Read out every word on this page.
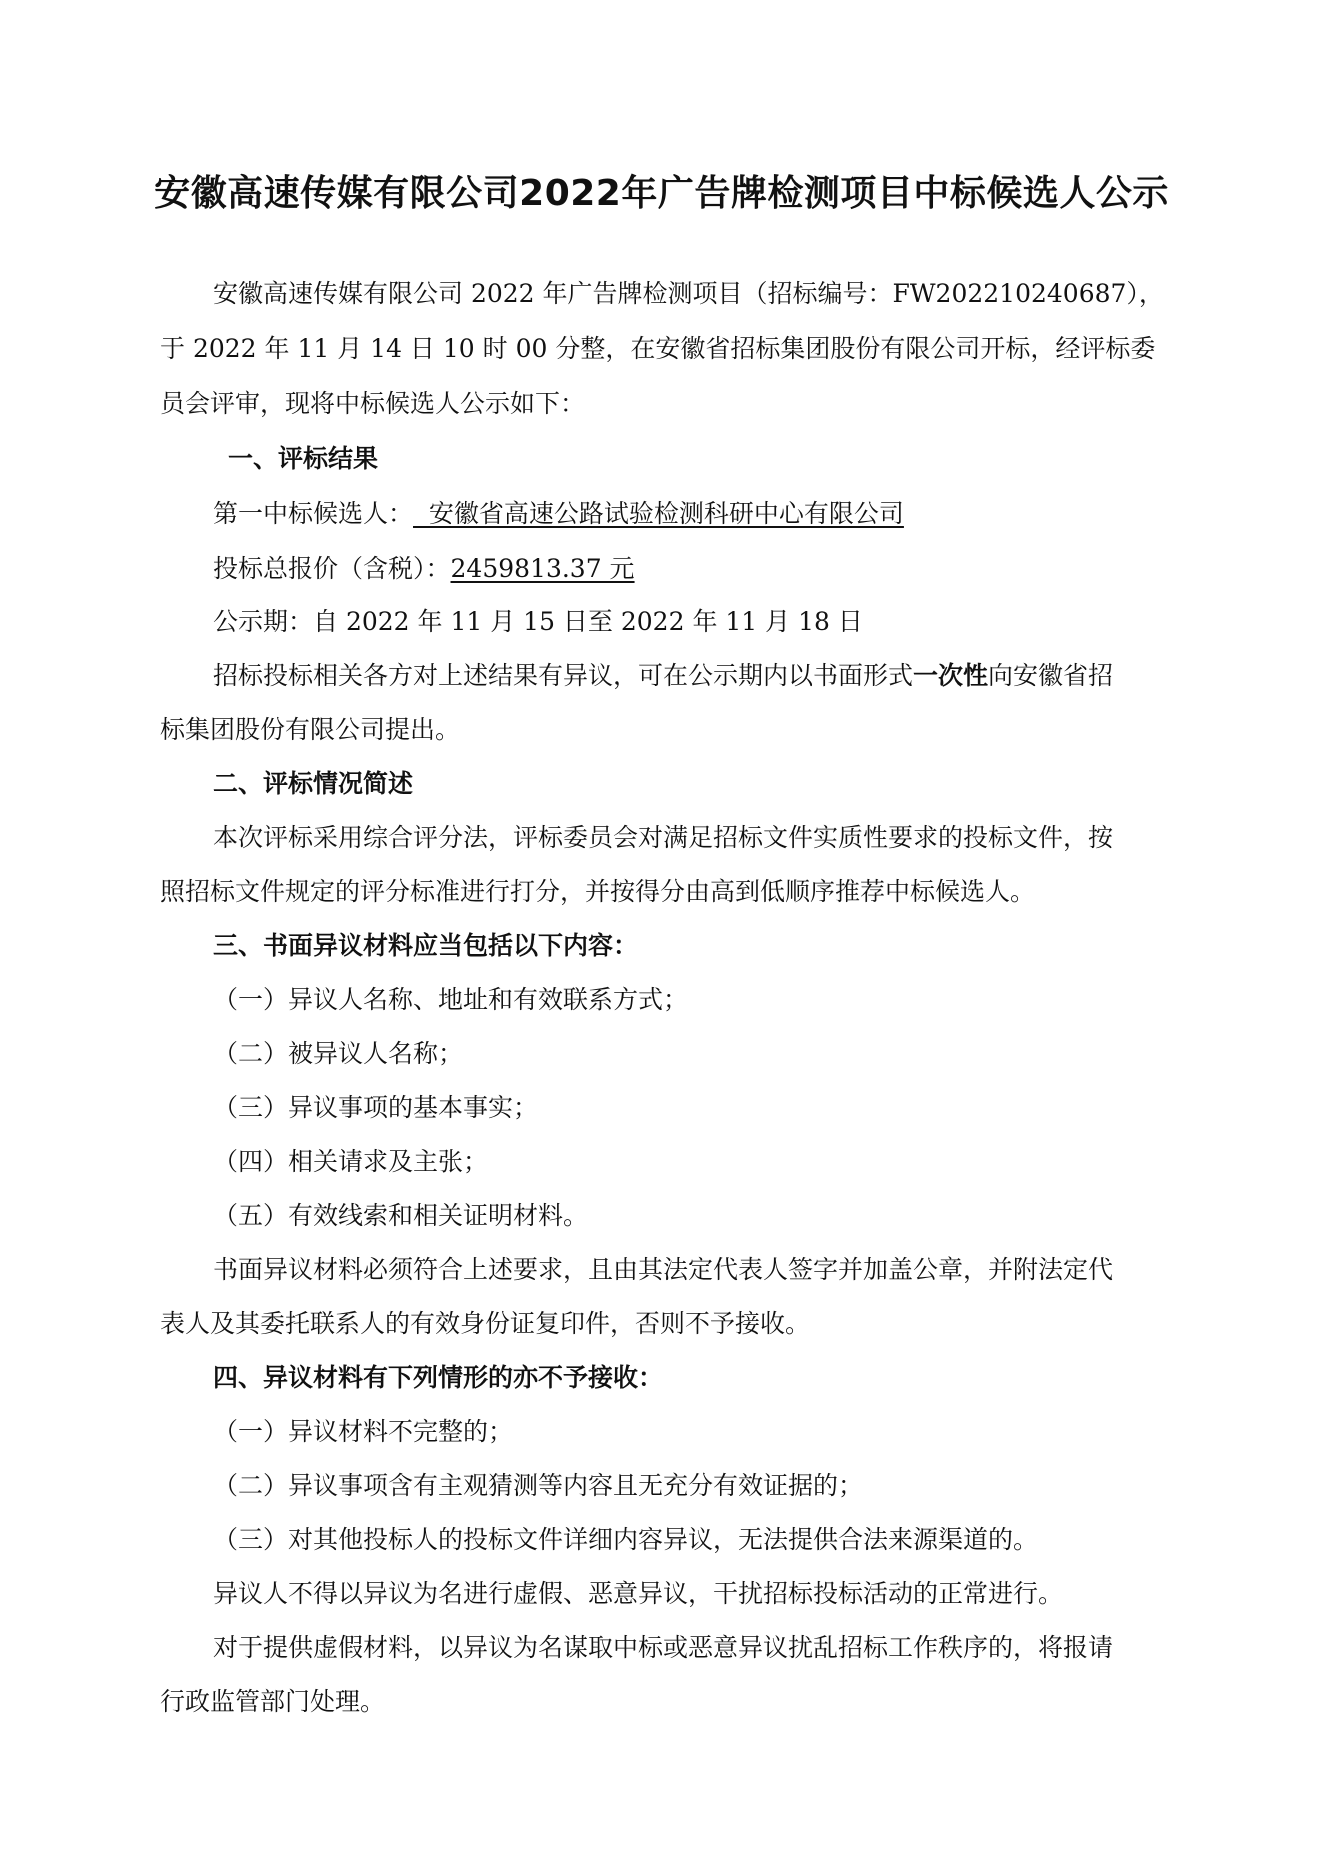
安徽高速传媒有限公司2022年广告牌检测项目中标候选人公示
安徽高速传媒有限公司 2022 年广告牌检测项目（招标编号：FW202210240687），
于 2022 年 11 月 14 日 10 时 00 分整，在安徽省招标集团股份有限公司开标，经评标委
员会评审，现将中标候选人公示如下：
一、评标结果
第一中标候选人：  安徽省高速公路试验检测科研中心有限公司
投标总报价（含税）：2459813.37 元
公示期：自 2022 年 11 月 15 日至 2022 年 11 月 18 日
招标投标相关各方对上述结果有异议，可在公示期内以书面形式一次性向安徽省招
标集团股份有限公司提出。
二、评标情况简述
本次评标采用综合评分法，评标委员会对满足招标文件实质性要求的投标文件，按
照招标文件规定的评分标准进行打分，并按得分由高到低顺序推荐中标候选人。
三、书面异议材料应当包括以下内容：
（一）异议人名称、地址和有效联系方式；
（二）被异议人名称；
（三）异议事项的基本事实；
（四）相关请求及主张；
（五）有效线索和相关证明材料。
书面异议材料必须符合上述要求，且由其法定代表人签字并加盖公章，并附法定代
表人及其委托联系人的有效身份证复印件，否则不予接收。
四、异议材料有下列情形的亦不予接收：
（一）异议材料不完整的；
（二）异议事项含有主观猜测等内容且无充分有效证据的；
（三）对其他投标人的投标文件详细内容异议，无法提供合法来源渠道的。
异议人不得以异议为名进行虚假、恶意异议，干扰招标投标活动的正常进行。
对于提供虚假材料，以异议为名谋取中标或恶意异议扰乱招标工作秩序的，将报请
行政监管部门处理。
